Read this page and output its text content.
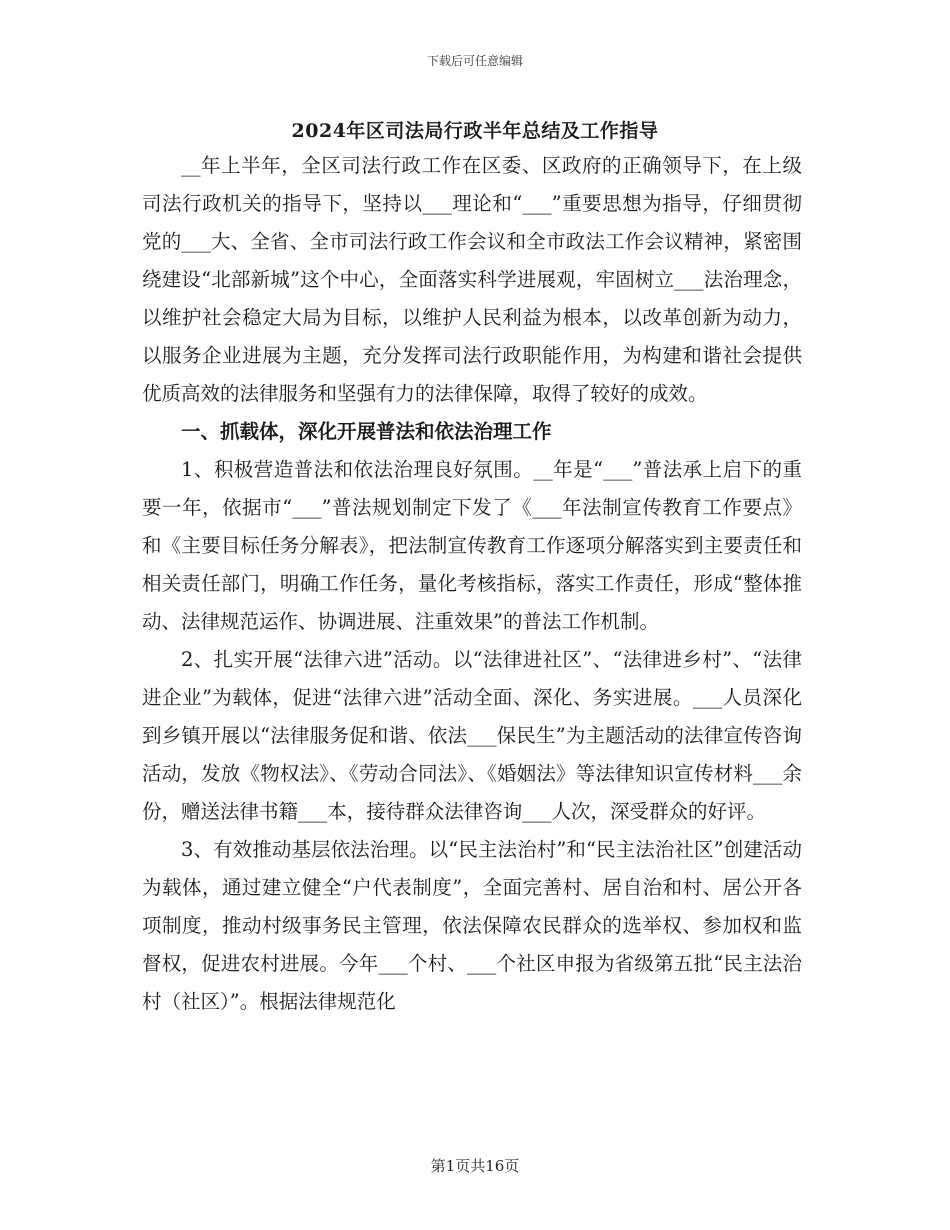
下载后可任意编辑
2024年区司法局行政半年总结及工作指导

__年上半年，全区司法行政工作在区委、区政府的正确领导下，在上级司法行政机关的指导下，坚持以___理论和“___”重要思想为指导，仔细贯彻党的___大、全省、全市司法行政工作会议和全市政法工作会议精神，紧密围绕建设“北部新城”这个中心，全面落实科学进展观，牢固树立___法治理念，以维护社会稳定大局为目标，以维护人民利益为根本，以改革创新为动力，以服务企业进展为主题，充分发挥司法行政职能作用，为构建和谐社会提供优质高效的法律服务和坚强有力的法律保障，取得了较好的成效。

一、抓载体，深化开展普法和依法治理工作

1、积极营造普法和依法治理良好氛围。__年是“___”普法承上启下的重要一年，依据市“___”普法规划制定下发了《___年法制宣传教育工作要点》和《主要目标任务分解表》，把法制宣传教育工作逐项分解落实到主要责任和相关责任部门，明确工作任务，量化考核指标，落实工作责任，形成“整体推动、法律规范运作、协调进展、注重效果”的普法工作机制。

2、扎实开展“法律六进”活动。以“法律进社区”、“法律进乡村”、“法律进企业”为载体，促进“法律六进”活动全面、深化、务实进展。___人员深化到乡镇开展以“法律服务促和谐、依法___保民生”为主题活动的法律宣传咨询活动，发放《物权法》、《劳动合同法》、《婚姻法》等法律知识宣传材料___余份，赠送法律书籍___本，接待群众法律咨询___人次，深受群众的好评。

3、有效推动基层依法治理。以“民主法治村”和“民主法治社区”创建活动为载体，通过建立健全“户代表制度”，全面完善村、居自治和村、居公开各项制度，推动村级事务民主管理，依法保障农民群众的选举权、参加权和监督权，促进农村进展。今年___个村、___个社区申报为省级第五批“民主法治村（社区）”。根据法律规范化

第1页共16页
